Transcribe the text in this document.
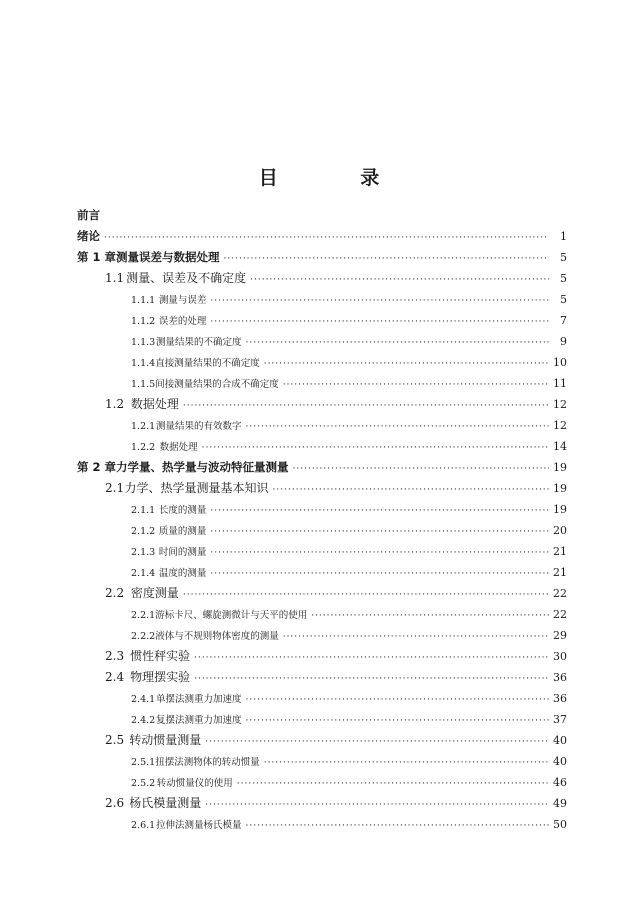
目 录
前言
绪论 ·····	1
第 1 章 测量误差与数据处理 ·····	5
1.1 测量、误差及不确定度 ·····	5
1.1.1 测量与误差 ·····	5
1.1.2 误差的处理 ·····	7
1.1.3 测量结果的不确定度 ·····	9
1.1.4 直接测量结果的不确定度 ·····	10
1.1.5 间接测量结果的合成不确定度 ·····	11
1.2 数据处理 ·····	12
1.2.1 测量结果的有效数字 ·····	12
1.2.2 数据处理 ·····	14
第 2 章 力学量、热学量与波动特征量测量 ·····	19
2.1 力学、热学量测量基本知识 ·····	19
2.1.1 长度的测量 ·····	19
2.1.2 质量的测量 ·····	20
2.1.3 时间的测量 ·····	21
2.1.4 温度的测量 ·····	21
2.2 密度测量 ·····	22
2.2.1 游标卡尺、螺旋测微计与天平的使用 ·····	22
2.2.2 液体与不规则物体密度的测量 ·····	29
2.3 惯性秤实验 ·····	30
2.4 物理摆实验 ·····	36
2.4.1 单摆法测重力加速度 ·····	36
2.4.2 复摆法测重力加速度 ·····	37
2.5 转动惯量测量 ·····	40
2.5.1 扭摆法测物体的转动惯量 ·····	40
2.5.2 转动惯量仪的使用 ·····	46
2.6 杨氏模量测量 ·····	49
2.6.1 拉伸法测量杨氏模量 ·····	50
